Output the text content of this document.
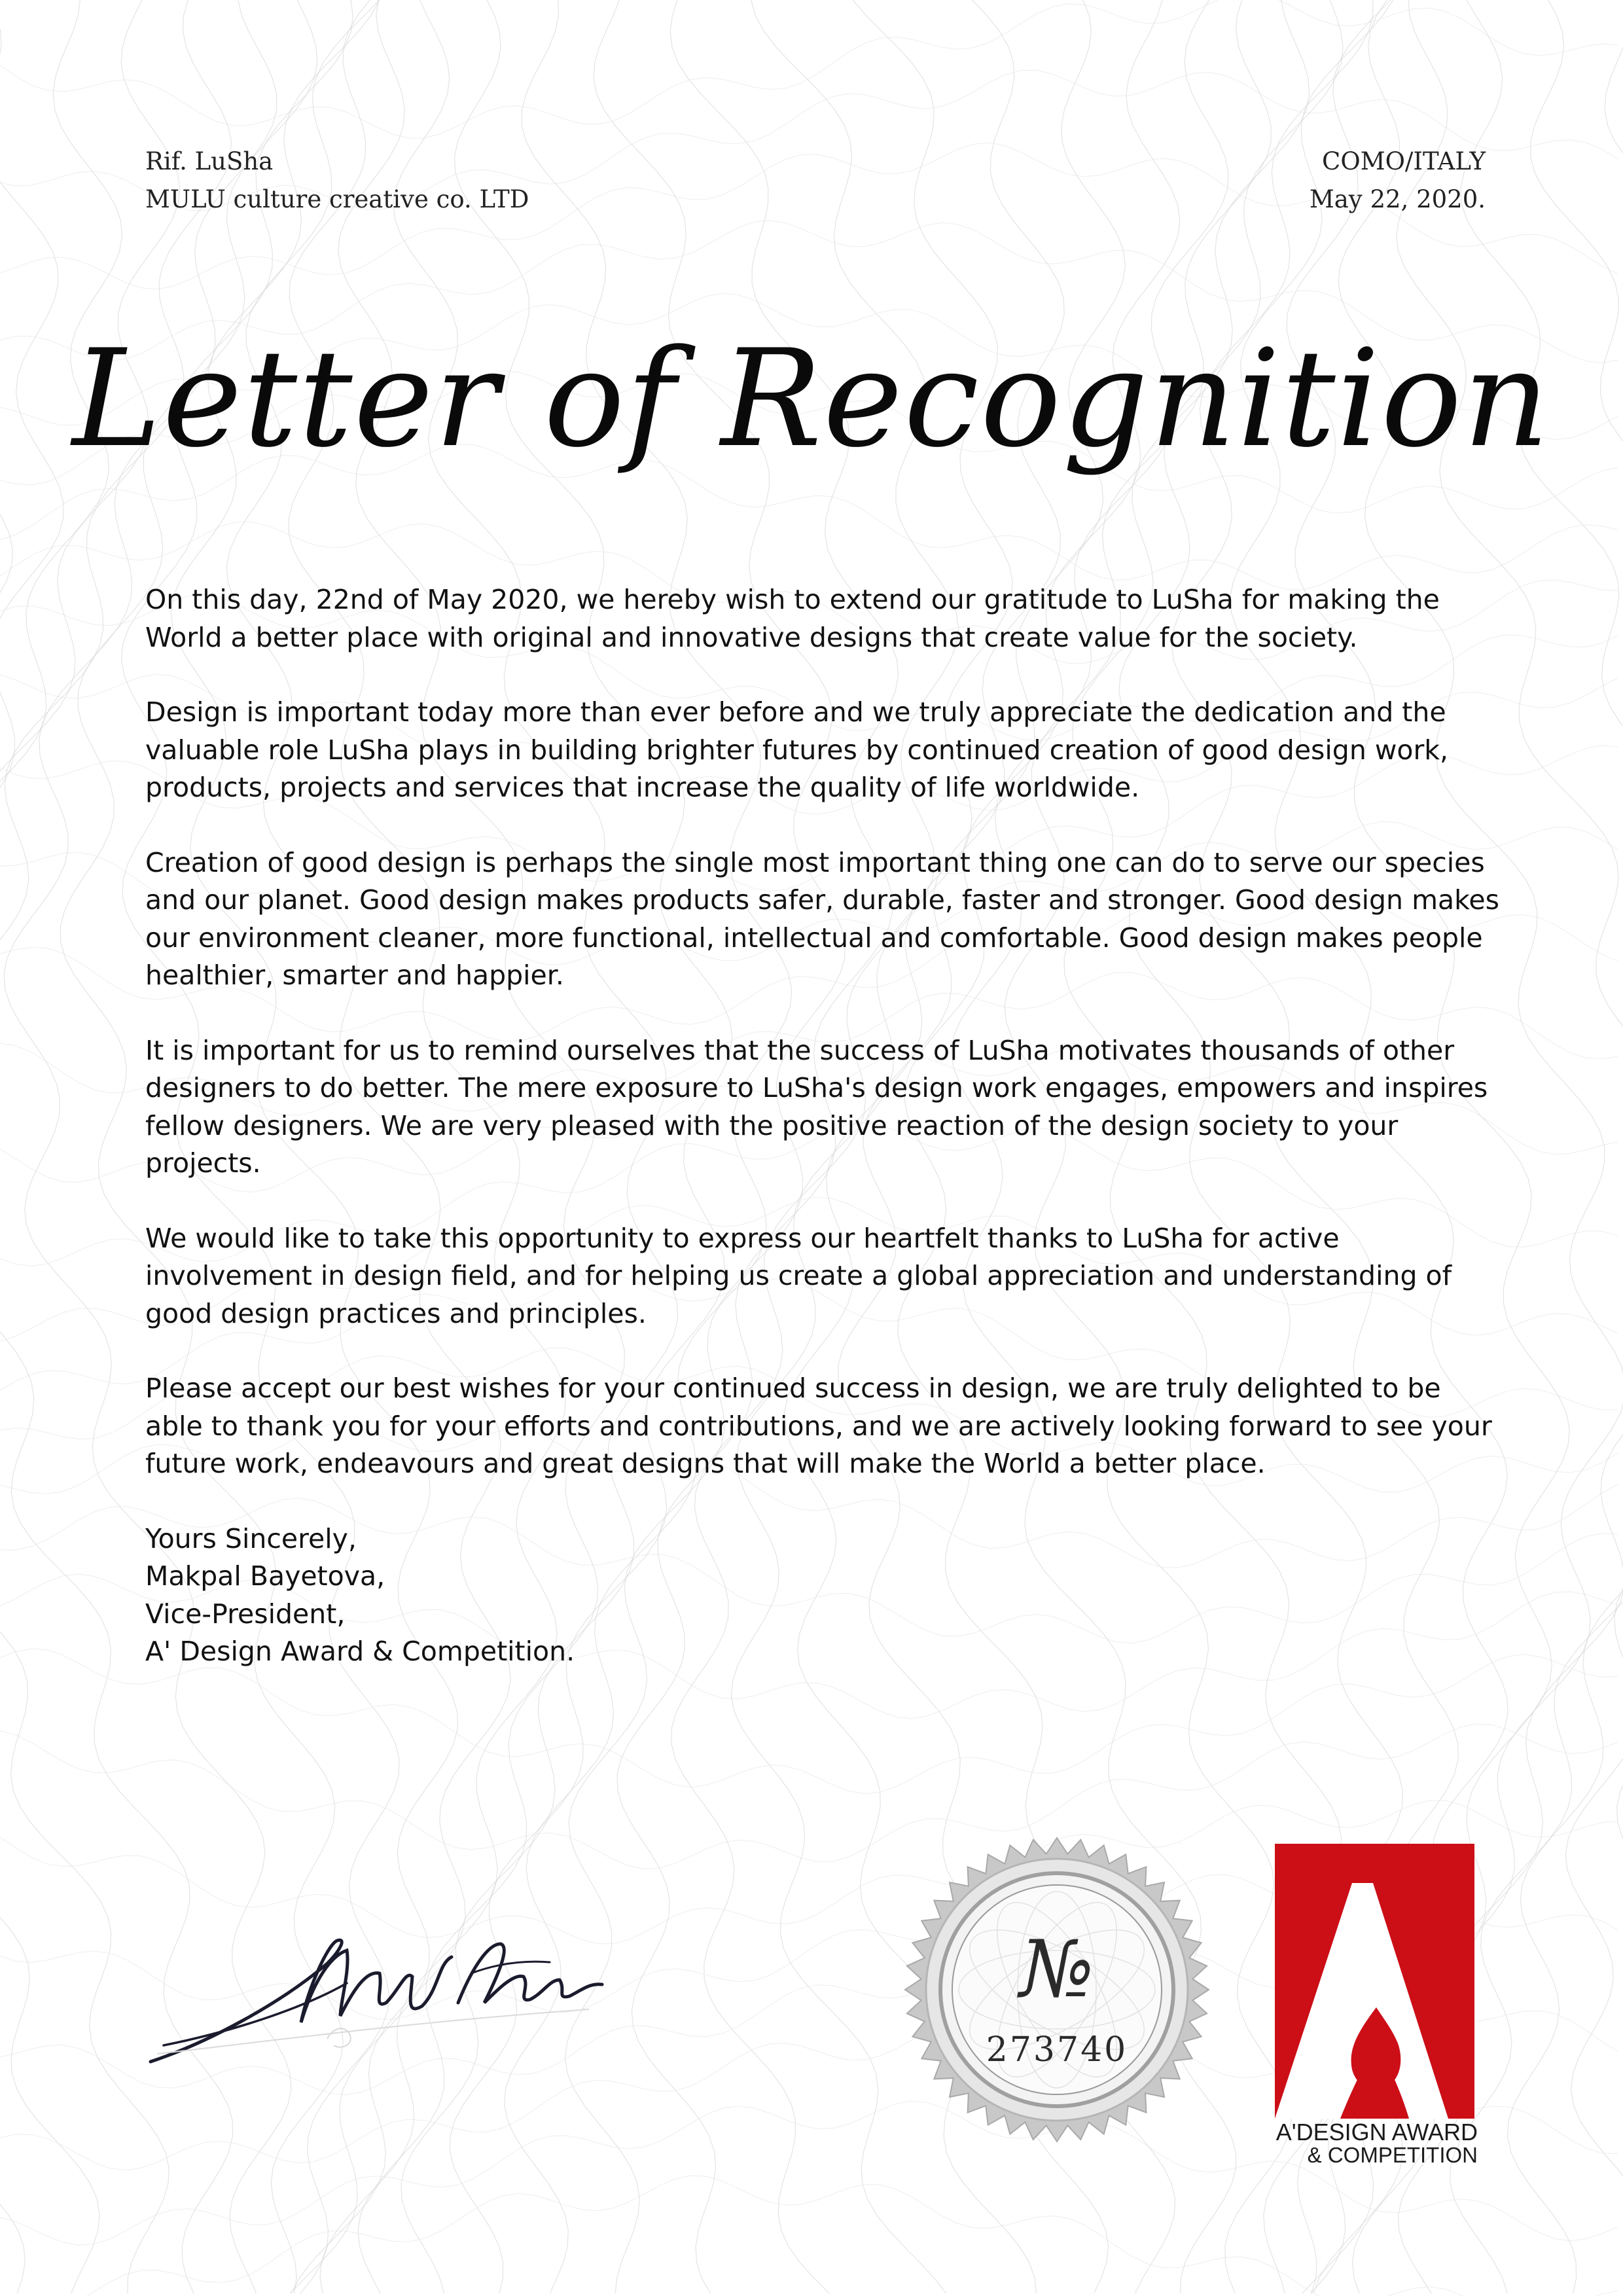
Rif. LuSha
MULU culture creative co. LTD
COMO/ITALY
May 22, 2020.
Letter of Recognition

On this day, 22nd of May 2020, we hereby wish to extend our gratitude to LuSha for making the World a better place with original and innovative designs that create value for the society.

Design is important today more than ever before and we truly appreciate the dedication and the valuable role LuSha plays in building brighter futures by continued creation of good design work, products, projects and services that increase the quality of life worldwide.

Creation of good design is perhaps the single most important thing one can do to serve our species and our planet. Good design makes products safer, durable, faster and stronger. Good design makes our environment cleaner, more functional, intellectual and comfortable. Good design makes people healthier, smarter and happier.

It is important for us to remind ourselves that the success of LuSha motivates thousands of other designers to do better. The mere exposure to LuSha's design work engages, empowers and inspires fellow designers. We are very pleased with the positive reaction of the design society to your projects.

We would like to take this opportunity to express our heartfelt thanks to LuSha for active involvement in design field, and for helping us create a global appreciation and understanding of good design practices and principles.

Please accept our best wishes for your continued success in design, we are truly delighted to be able to thank you for your efforts and contributions, and we are actively looking forward to see your future work, endeavours and great designs that will make the World a better place.

Yours Sincerely,
Makpal Bayetova,
Vice-President,
A' Design Award & Competition.
№
273740
A'DESIGN AWARD
& COMPETITION
